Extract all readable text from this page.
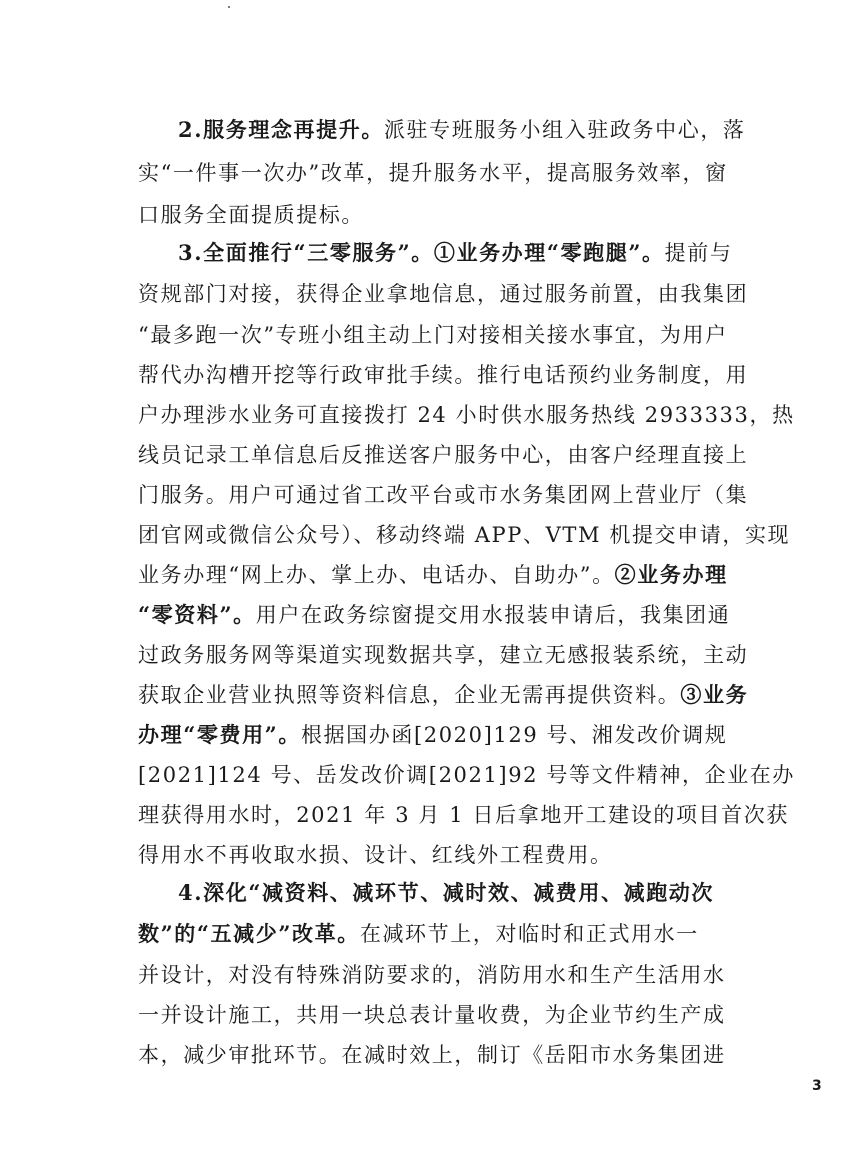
2.服务理念再提升。派驻专班服务小组入驻政务中心，落
实“一件事一次办”改革，提升服务水平，提高服务效率，窗
口服务全面提质提标。
3.全面推行“三零服务”。①业务办理“零跑腿”。提前与
资规部门对接，获得企业拿地信息，通过服务前置，由我集团
“最多跑一次”专班小组主动上门对接相关接水事宜，为用户
帮代办沟槽开挖等行政审批手续。推行电话预约业务制度，用
户办理涉水业务可直接拨打 24 小时供水服务热线 2933333，热
线员记录工单信息后反推送客户服务中心，由客户经理直接上
门服务。用户可通过省工改平台或市水务集团网上营业厅（集
团官网或微信公众号）、移动终端 APP、VTM 机提交申请，实现
业务办理“网上办、掌上办、电话办、自助办”。②业务办理
“零资料”。用户在政务综窗提交用水报装申请后，我集团通
过政务服务网等渠道实现数据共享，建立无感报装系统，主动
获取企业营业执照等资料信息，企业无需再提供资料。③业务
办理“零费用”。根据国办函[2020]129 号、湘发改价调规
[2021]124 号、岳发改价调[2021]92 号等文件精神，企业在办
理获得用水时，2021 年 3 月 1 日后拿地开工建设的项目首次获
得用水不再收取水损、设计、红线外工程费用。
4.深化“减资料、减环节、减时效、减费用、减跑动次
数”的“五减少”改革。在减环节上，对临时和正式用水一
并设计，对没有特殊消防要求的，消防用水和生产生活用水
一并设计施工，共用一块总表计量收费，为企业节约生产成
本，减少审批环节。在减时效上，制订《岳阳市水务集团进
3
